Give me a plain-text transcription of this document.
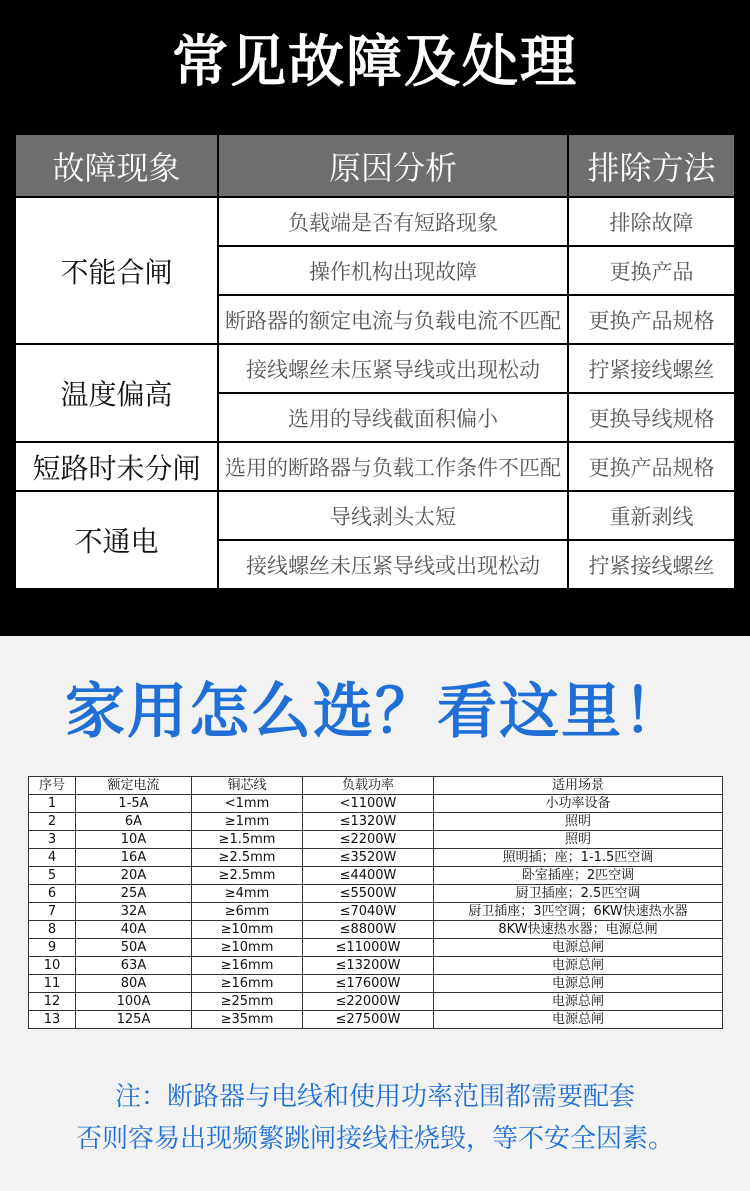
常见故障及处理
故障现象	原因分析	排除方法
不能合闸	负载端是否有短路现象	排除故障
	操作机构出现故障	更换产品
	断路器的额定电流与负载电流不匹配	更换产品规格
温度偏高	接线螺丝未压紧导线或出现松动	拧紧接线螺丝
	选用的导线截面积偏小	更换导线规格
短路时未分闸	选用的断路器与负载工作条件不匹配	更换产品规格
不通电	导线剥头太短	重新剥线
	接线螺丝未压紧导线或出现松动	拧紧接线螺丝
家用怎么选？看这里！
序号	额定电流	铜芯线	负载功率	适用场景
1	1-5A	<1mm	<1100W	小功率设备
2	6A	≥1mm	≤1320W	照明
3	10A	≥1.5mm	≤2200W	照明
4	16A	≥2.5mm	≤3520W	照明插；座；1-1.5匹空调
5	20A	≥2.5mm	≤4400W	卧室插座；2匹空调
6	25A	≥4mm	≤5500W	厨卫插座；2.5匹空调
7	32A	≥6mm	≤7040W	厨卫插座；3匹空调；6KW快速热水器
8	40A	≥10mm	≤8800W	8KW快速热水器；电源总闸
9	50A	≥10mm	≤11000W	电源总闸
10	63A	≥16mm	≤13200W	电源总闸
11	80A	≥16mm	≤17600W	电源总闸
12	100A	≥25mm	≤22000W	电源总闸
13	125A	≥35mm	≤27500W	电源总闸
注：断路器与电线和使用功率范围都需要配套
否则容易出现频繁跳闸接线柱烧毁，等不安全因素。
